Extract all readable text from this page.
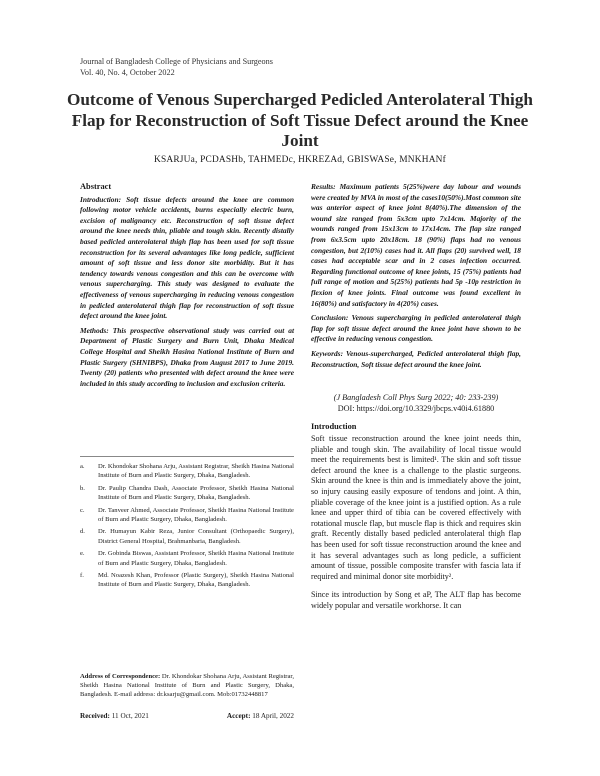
Journal of Bangladesh College of Physicians and Surgeons
Vol. 40, No. 4, October 2022
Outcome of Venous Supercharged Pedicled Anterolateral Thigh Flap for Reconstruction of Soft Tissue Defect around the Knee Joint
KSARJUa, PCDASHb, TAHMEDc, HKREZAd, GBISWASe, MNKHANf
Abstract

Introduction: Soft tissue defects around the knee are common following motor vehicle accidents, burns especially electric burn, excision of malignancy etc. Reconstruction of soft tissue defect around the knee needs thin, pliable and tough skin. Recently distally based pedicled anterolateral thigh flap has been used for soft tissue reconstruction for its several advantages like long pedicle, sufficient amount of soft tissue and less donor site morbidity. But it has tendency towards venous congestion and this can be overcome with venous supercharging. This study was designed to evaluate the effectiveness of venous supercharging in reducing venous congestion in pedicled anterolateral thigh flap for reconstruction of soft tissue defect around the knee joint.

Methods: This prospective observational study was carried out at Department of Plastic Surgery and Burn Unit, Dhaka Medical College Hospital and Sheikh Hasina National Institute of Burn and Plastic Surgery (SHNIBPS), Dhaka from August 2017 to June 2019. Twenty (20) patients who presented with defect around the knee were included in this study according to inclusion and exclusion criteria.

Results: Maximum patients 5(25%)were day labour and wounds were created by MVA in most of the cases10(50%).Most common site was anterior aspect of knee joint 8(40%).The dimension of the wound size ranged from 5x3cm upto 7x14cm. Majority of the wounds ranged from 15x13cm to 17x14cm. The flap size ranged from 6x3.5cm upto 20x18cm. 18 (90%) flaps had no venous congestion, but 2(10%) cases had it. All flaps (20) survived well, 18 cases had acceptable scar and in 2 cases infection occurred. Regarding functional outcome of knee joints, 15 (75%) patients had full range of motion and 5(25%) patients had 5p -10p restriction in flexion of knee joints. Final outcome was found excellent in 16(80%) and satisfactory in 4(20%) cases.

Conclusion: Venous supercharging in pedicled anterolateral thigh flap for soft tissue defect around the knee joint have shown to be effective in reducing venous congestion.

Keywords: Venous-supercharged, Pedicled anterolateral thigh flap, Reconstruction, Soft tissue defect around the knee joint.

(J Bangladesh Coll Phys Surg 2022; 40: 233-239)
DOI: https://doi.org/10.3329/jbcps.v40i4.61880
a.	Dr. Khondokar Shohana Arju, Assistant Registrar, Sheikh Hasina National Institute of Burn and Plastic Surgery, Dhaka, Bangladesh.
b.	Dr. Paulip Chandra Dash, Associate Professor, Sheikh Hasina National Institute of Burn and Plastic Surgery, Dhaka, Bangladesh.
c.	Dr. Tanveer Ahmed, Associate Professor, Sheikh Hasina National Institute of Burn and Plastic Surgery, Dhaka, Bangladesh.
d.	Dr. Humayun Kabir Reza, Junior Consultant (Orthopaedic Surgery), District General Hospital, Brahmanbaria, Bangladesh.
e.	Dr. Gobinda Biswas, Assistant Professor, Sheikh Hasina National Institute of Burn and Plastic Surgery, Dhaka, Bangladesh.
f.	Md. Noazesh Khan, Professor (Plastic Surgery), Sheikh Hasina National Institute of Burn and Plastic Surgery, Dhaka, Bangladesh.
Address of Correspondence: Dr. Khondokar Shohana Arju, Assistant Registrar, Sheikh Hasina National Institute of Burn and Plastic Surgery, Dhaka, Bangladesh. E-mail address: dr.ksarju@gmail.com. Mob:01732448817
Received: 11 Oct, 2021	Accept: 18 April, 2022
Introduction

Soft tissue reconstruction around the knee joint needs thin, pliable and tough skin. The availability of local tissue would meet the requirements best is limited¹. The skin and soft tissue defect around the knee is a challenge to the plastic surgeons. Skin around the knee is thin and is immediately above the joint, so injury causing easily exposure of tendons and joint. A thin, pliable coverage of the knee joint is a justified option. As a rule knee and upper third of tibia can be covered effectively with rotational muscle flap, but muscle flap is thick and requires skin graft. Recently distally based pedicled anterolateral thigh flap has been used for soft tissue reconstruction around the knee and it has several advantages such as long pedicle, a sufficient amount of tissue, possible composite transfer with fascia lata if required and minimal donor site morbidity².

Since its introduction by Song et aP, The ALT flap has become widely popular and versatile workhorse. It can
